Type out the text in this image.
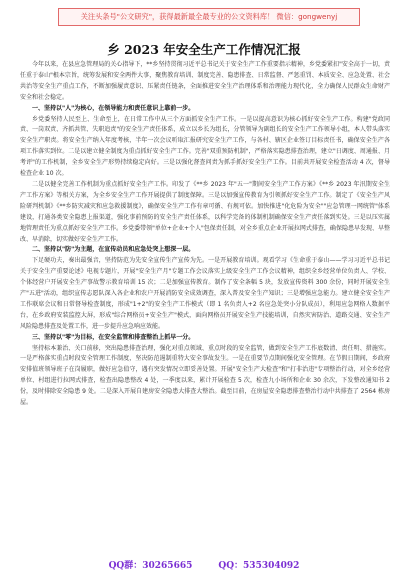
关注头条号"公文研究"，获得最新最全最专业的公文资料库！ 微信：gongwenyj
乡 2023 年安全生产工作情况汇报

今年以来，在县应急管理局的关心指导下，**乡坚持贯彻习近平总书记关于安全生产工作重要指示精神，乡党委紧扣"安全高于一切，责任重于泰山"根本宗旨，统筹发展和安全两件大事，聚焦教育培训、制度完善、隐患排查、日常监督、严惩重罚、本质安全、应急处置、社会共治等安全生产重点工作，不断加强履责意识、压紧责任链条，全面推进安全生产治理体系和治理能力现代化，全力确保人民群众生命财产安全和社会稳定。

一、坚持以"人"为核心，在领导能力和责任意识上靠前一步。

乡党委坚持人民至上、生命至上，在日常工作中从三个方面抓安全生产工作。一是以提高意识为核心抓好安全生产工作。构建"党政同责、一岗双责、齐抓共管、失职追责"的安全生产责任体系，成立以乡长为组长，分管领导为副组长的安全生产工作领导小组，本人带头落实安全生产职责。将安全生产纳入年度考核，半年一次会议听取汇报研究安全生产工作，与各村、辖区企业签订目标责任书，确保安全生产各项工作落实到位。二是以建立健全制度为重点抓好安全生产工作。完善"双重预防机制"，严格落实隐患排查治理，建立"日调度、周通报、月考评"的工作机制，全乡安全生产形势持续稳定向好。三是以强化督查问责为抓手抓好安全生产工作。目前共开展安全检查活动 4 次，督导检查企业 10 次。

二是以健全完善工作机制为重点抓好安全生产工作。印发了《**乡 2023 年"五一"期间安全生产工作方案》《**乡 2023 年汛期安全生产工作方案》等相关方案，为全乡安全生产工作开展提供了制度保障。三是以加强宣传教育为引领抓好安全生产工作。制定了《安全生产风险研判机制》《**乡防灾减灾和应急救援制度》，确保安全生产工作有章可循、有规可依。加快推进"化危险为安全""应急管理一网统管"体系建设，打通各类安全隐患上报渠道，强化事前预防的安全生产责任体系，以科学完备的体制机制确保安全生产责任落到实处。三是以压实属地管理责任为重点抓好安全生产工作。乡党委带领"单位+企业+个人"包保责任制，对全乡重点企业开展拉网式排查，确保隐患早发现、早整改、早消除，切实做好安全生产工作。

二、坚持以"防"为主题，在宣传动员和应急处突上想深一层。

下足硬功夫，奏出最强音，坚持防范为先安全宣传生产宣传为先。一是开展教育培训。观看学习《生命重于泰山——学习习近平总书记关于安全生产重要论述》电视专题片，开展"安全生产月"专题工作会议落实上级安全生产工作会议精神，组织全乡经营单位负责人、学校、个体经营户开展安全生产事故警示教育培训 15 次；二是加强宣传教育。制作了安全条幅 5 块，发放宣传资料 300 余份，同时开展安全生产"五进"活动，组织宣传志愿队深入各企业和农户开展消防安全成效调查，深入普及安全生产知识；三是增强应急能力。建立健全安全生产工作联席会议和日常督导检查制度，形成"1+2"的安全生产工作模式（即 1 名负责人+2 名应急处突小分队成员），利用应急网格人数据平台，在乡政府安装监控大屏，形成"综合网格员+安全生产"模式，面向网格员开展安全生产技能培训，自然灾害防治、道路交通、安全生产风险隐患排查及处置工作，进一步提升应急响应效能。

三、坚持以"零"为目标，在安全监管和排查整治上抓早一分。

坚持标本兼治、关口前移，突出隐患排查治理，强化对重点领域、重点时段的安全监管，做到安全生产工作底数清、责任明、措施实。一是严格落实重点时段安全管理工作制度，坚决防范遏制重特大安全事故发生。一是在重要节点期间强化安全管理。在节假日期间，乡政府安排值班领导班子在岗履职，做好应急值守，遇有突发情况立即妥善处置。开展"安全生产大检查"和"打非治违"专项整治行动，对全乡经营单位、村组进行拉网式排查，检查出隐患整改 4 处，一季度以来，累计开展检查 5 次，检查九小场所和企业 30 余次，下发整改通知书 2 份，及时排除安全隐患 9 处。二是深入开展自建房安全隐患大排查大整治。截至目前，在房屋安全隐患排查整治行动中共排查了 2564 栋房屋。

QQ群：30265665	QQ：535304092
